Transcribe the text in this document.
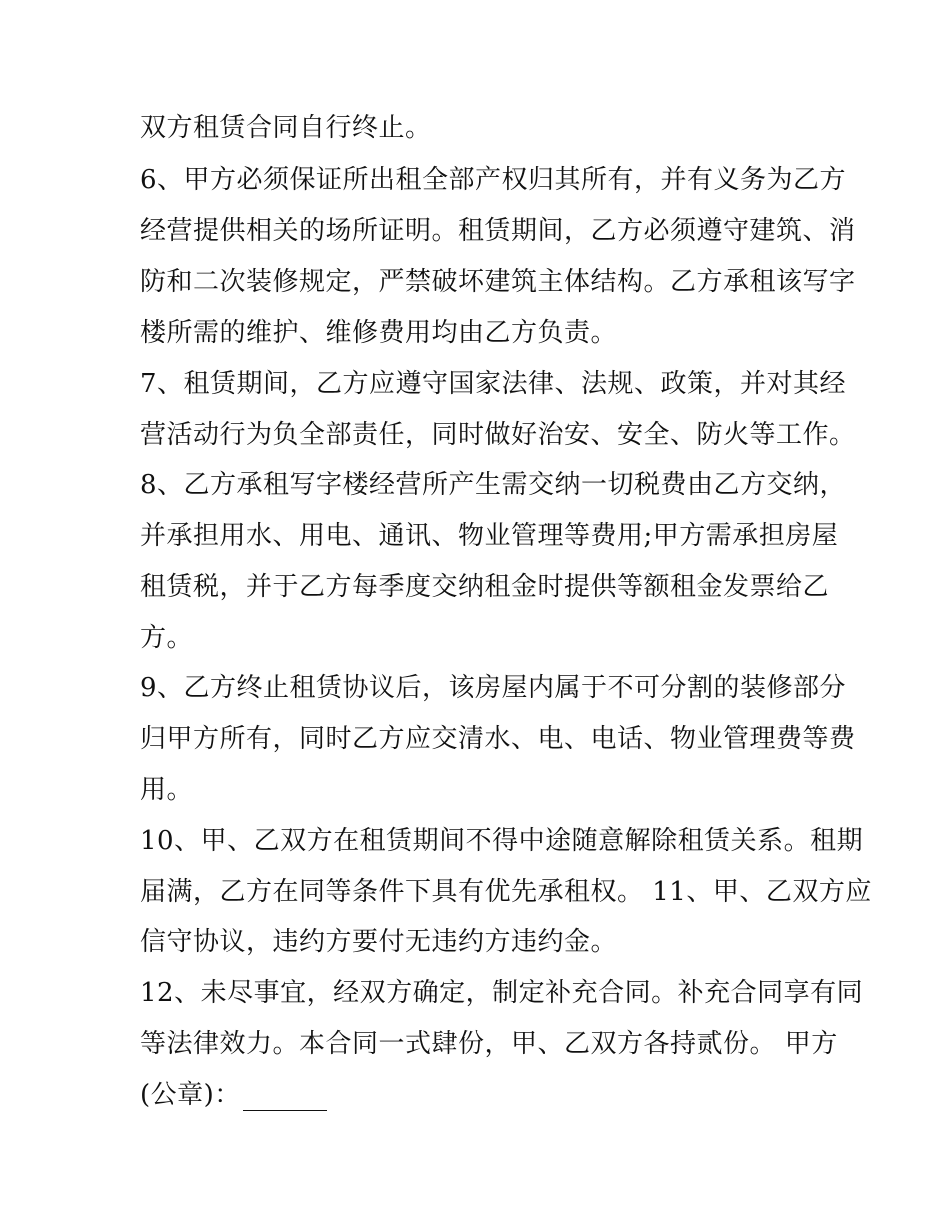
双方租赁合同自行终止。
6、甲方必须保证所出租全部产权归其所有，并有义务为乙方
经营提供相关的场所证明。租赁期间，乙方必须遵守建筑、消
防和二次装修规定，严禁破坏建筑主体结构。乙方承租该写字
楼所需的维护、维修费用均由乙方负责。
7、租赁期间，乙方应遵守国家法律、法规、政策，并对其经
营活动行为负全部责任，同时做好治安、安全、防火等工作。
8、乙方承租写字楼经营所产生需交纳一切税费由乙方交纳，
并承担用水、用电、通讯、物业管理等费用;甲方需承担房屋
租赁税，并于乙方每季度交纳租金时提供等额租金发票给乙
方。
9、乙方终止租赁协议后，该房屋内属于不可分割的装修部分
归甲方所有，同时乙方应交清水、电、电话、物业管理费等费
用。
10、甲、乙双方在租赁期间不得中途随意解除租赁关系。租期
届满，乙方在同等条件下具有优先承租权。 11、甲、乙双方应
信守协议，违约方要付无违约方违约金。
12、未尽事宜，经双方确定，制定补充合同。补充合同享有同
等法律效力。本合同一式肆份，甲、乙双方各持贰份。 甲方
(公章)：
